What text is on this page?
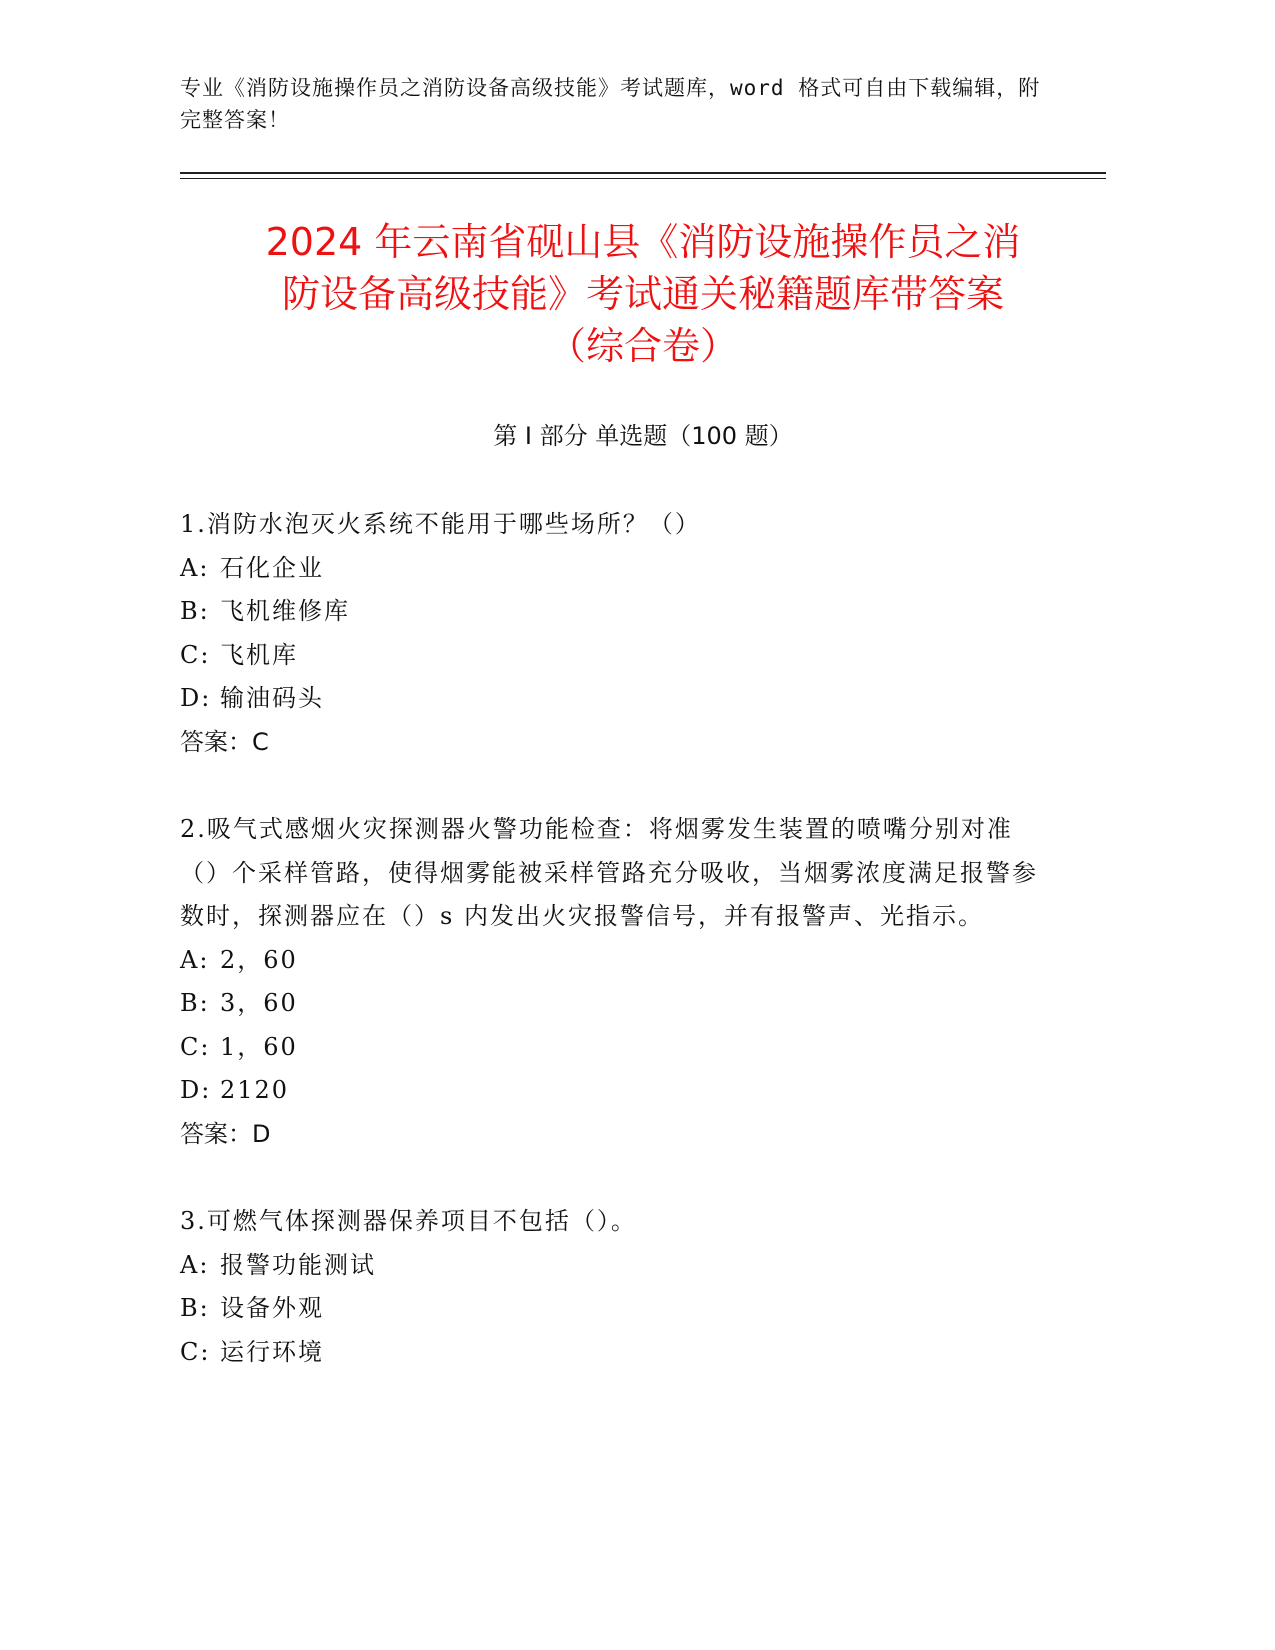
专业《消防设施操作员之消防设备高级技能》考试题库，word 格式可自由下载编辑，附完整答案！
2024 年云南省砚山县《消防设施操作员之消
防设备高级技能》考试通关秘籍题库带答案
（综合卷）
第 I 部分 单选题（100 题）

1.消防水泡灭火系统不能用于哪些场所？（）

A: 石化企业

B: 飞机维修库

C: 飞机库

D: 输油码头

答案：C

2.吸气式感烟火灾探测器火警功能检查：将烟雾发生装置的喷嘴分别对准（）个采样管路，使得烟雾能被采样管路充分吸收，当烟雾浓度满足报警参数时，探测器应在（）s 内发出火灾报警信号，并有报警声、光指示。

A: 2，60

B: 3，60

C: 1，60

D: 2120

答案：D

3.可燃气体探测器保养项目不包括（）。

A: 报警功能测试

B: 设备外观

C: 运行环境
